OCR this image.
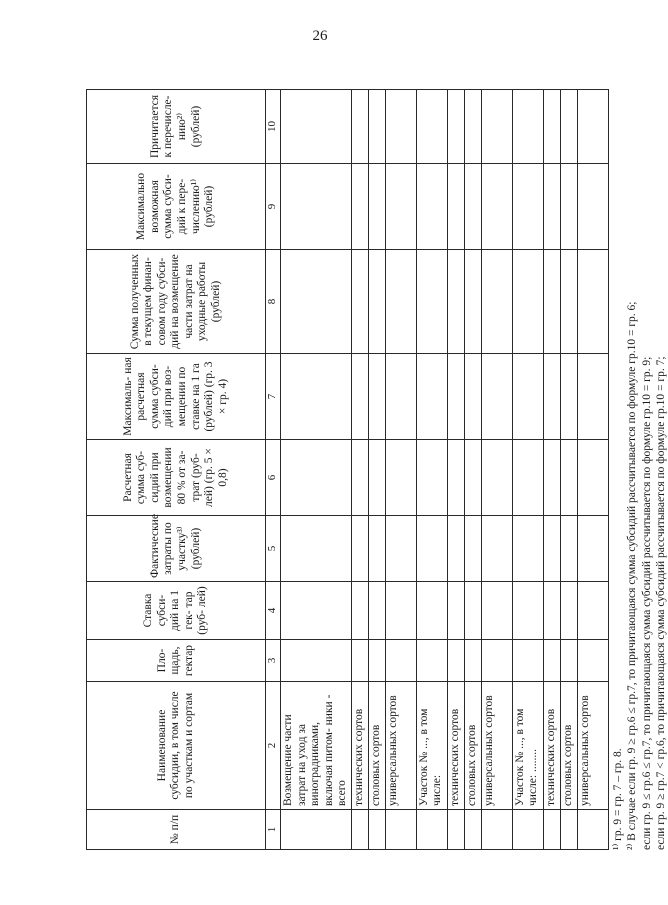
26
№ п/п	Наименование субсидии, в том числе по участкам и сортам	Пло- щадь, гектар	Ставка субси- дий на 1 гек- тар (руб- лей)	Фактические затраты по участку³⁾ (рублей)	Расчетная сумма суб- сидий при возмещении 80 % от за- трат (руб- лей) (гр. 5 × 0,8)	Максималь- ная расчетная сумма субси- дий при воз- мещении по ставке на 1 га (рублей) (гр. 3 × гр. 4)	Сумма полученных в текущем финан- совом году субси- дий на возмещение части затрат на уходные работы (рублей)	Максимально возможная сумма субси- дий к пере- числению¹⁾ (рублей)	Причитается к перечисле- нию²⁾ (рублей)
1	2	3	4	5	6	7	8	9	10
	Возмещение части затрат на уход за виноградниками, включая питом- ники - всего								
	технических сортов								
	столовых сортов								
	универсальных сортов								
	Участок № ..., в том числе:								
	технических сортов								
	столовых сортов								
	универсальных сортов								
	Участок № ..., в том числе: ........								
	технических сортов								
	столовых сортов								
	универсальных сортов								¹⁾ гр. 9 = гр. 7 – гр. 8. ²⁾ В случае если гр. 9 ≥ гр.6 ≤ гр.7, то причитающаяся сумма субсидий рассчитывается по формуле гр.10 = гр. 6; если гр. 9 ≤ гр.6 ≤ гр.7, то причитающаяся сумма субсидий рассчитывается по формуле гр.10 = гр. 9; если гр. 9 ≥ гр.7 < гр.6, то причитающаяся сумма субсидий рассчитывается по формуле гр.10 = гр. 7;
